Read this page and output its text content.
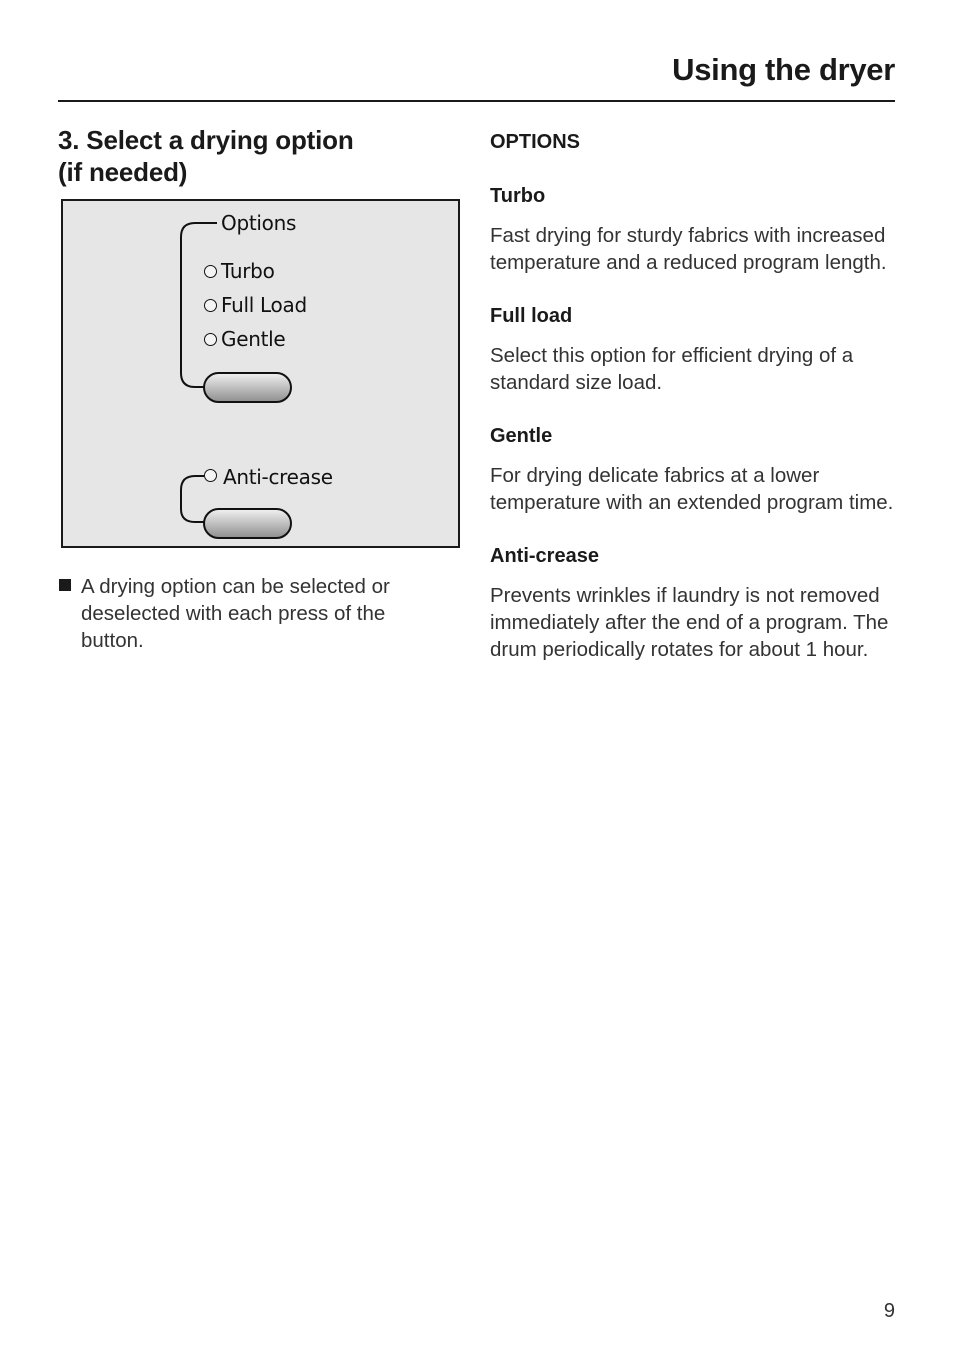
Using the dryer
3. Select a drying option
(if needed)
Options
Turbo
Full Load
Gentle
Anti-crease

A drying option can be selected or deselected with each press of the button.

OPTIONS

Turbo

Fast drying for sturdy fabrics with increased temperature and a reduced program length.

Full load

Select this option for efficient drying of a standard size load.

Gentle

For drying delicate fabrics at a lower temperature with an extended program time.

Anti-crease

Prevents wrinkles if laundry is not removed immediately after the end of a program. The drum periodically rotates for about 1 hour.

9
